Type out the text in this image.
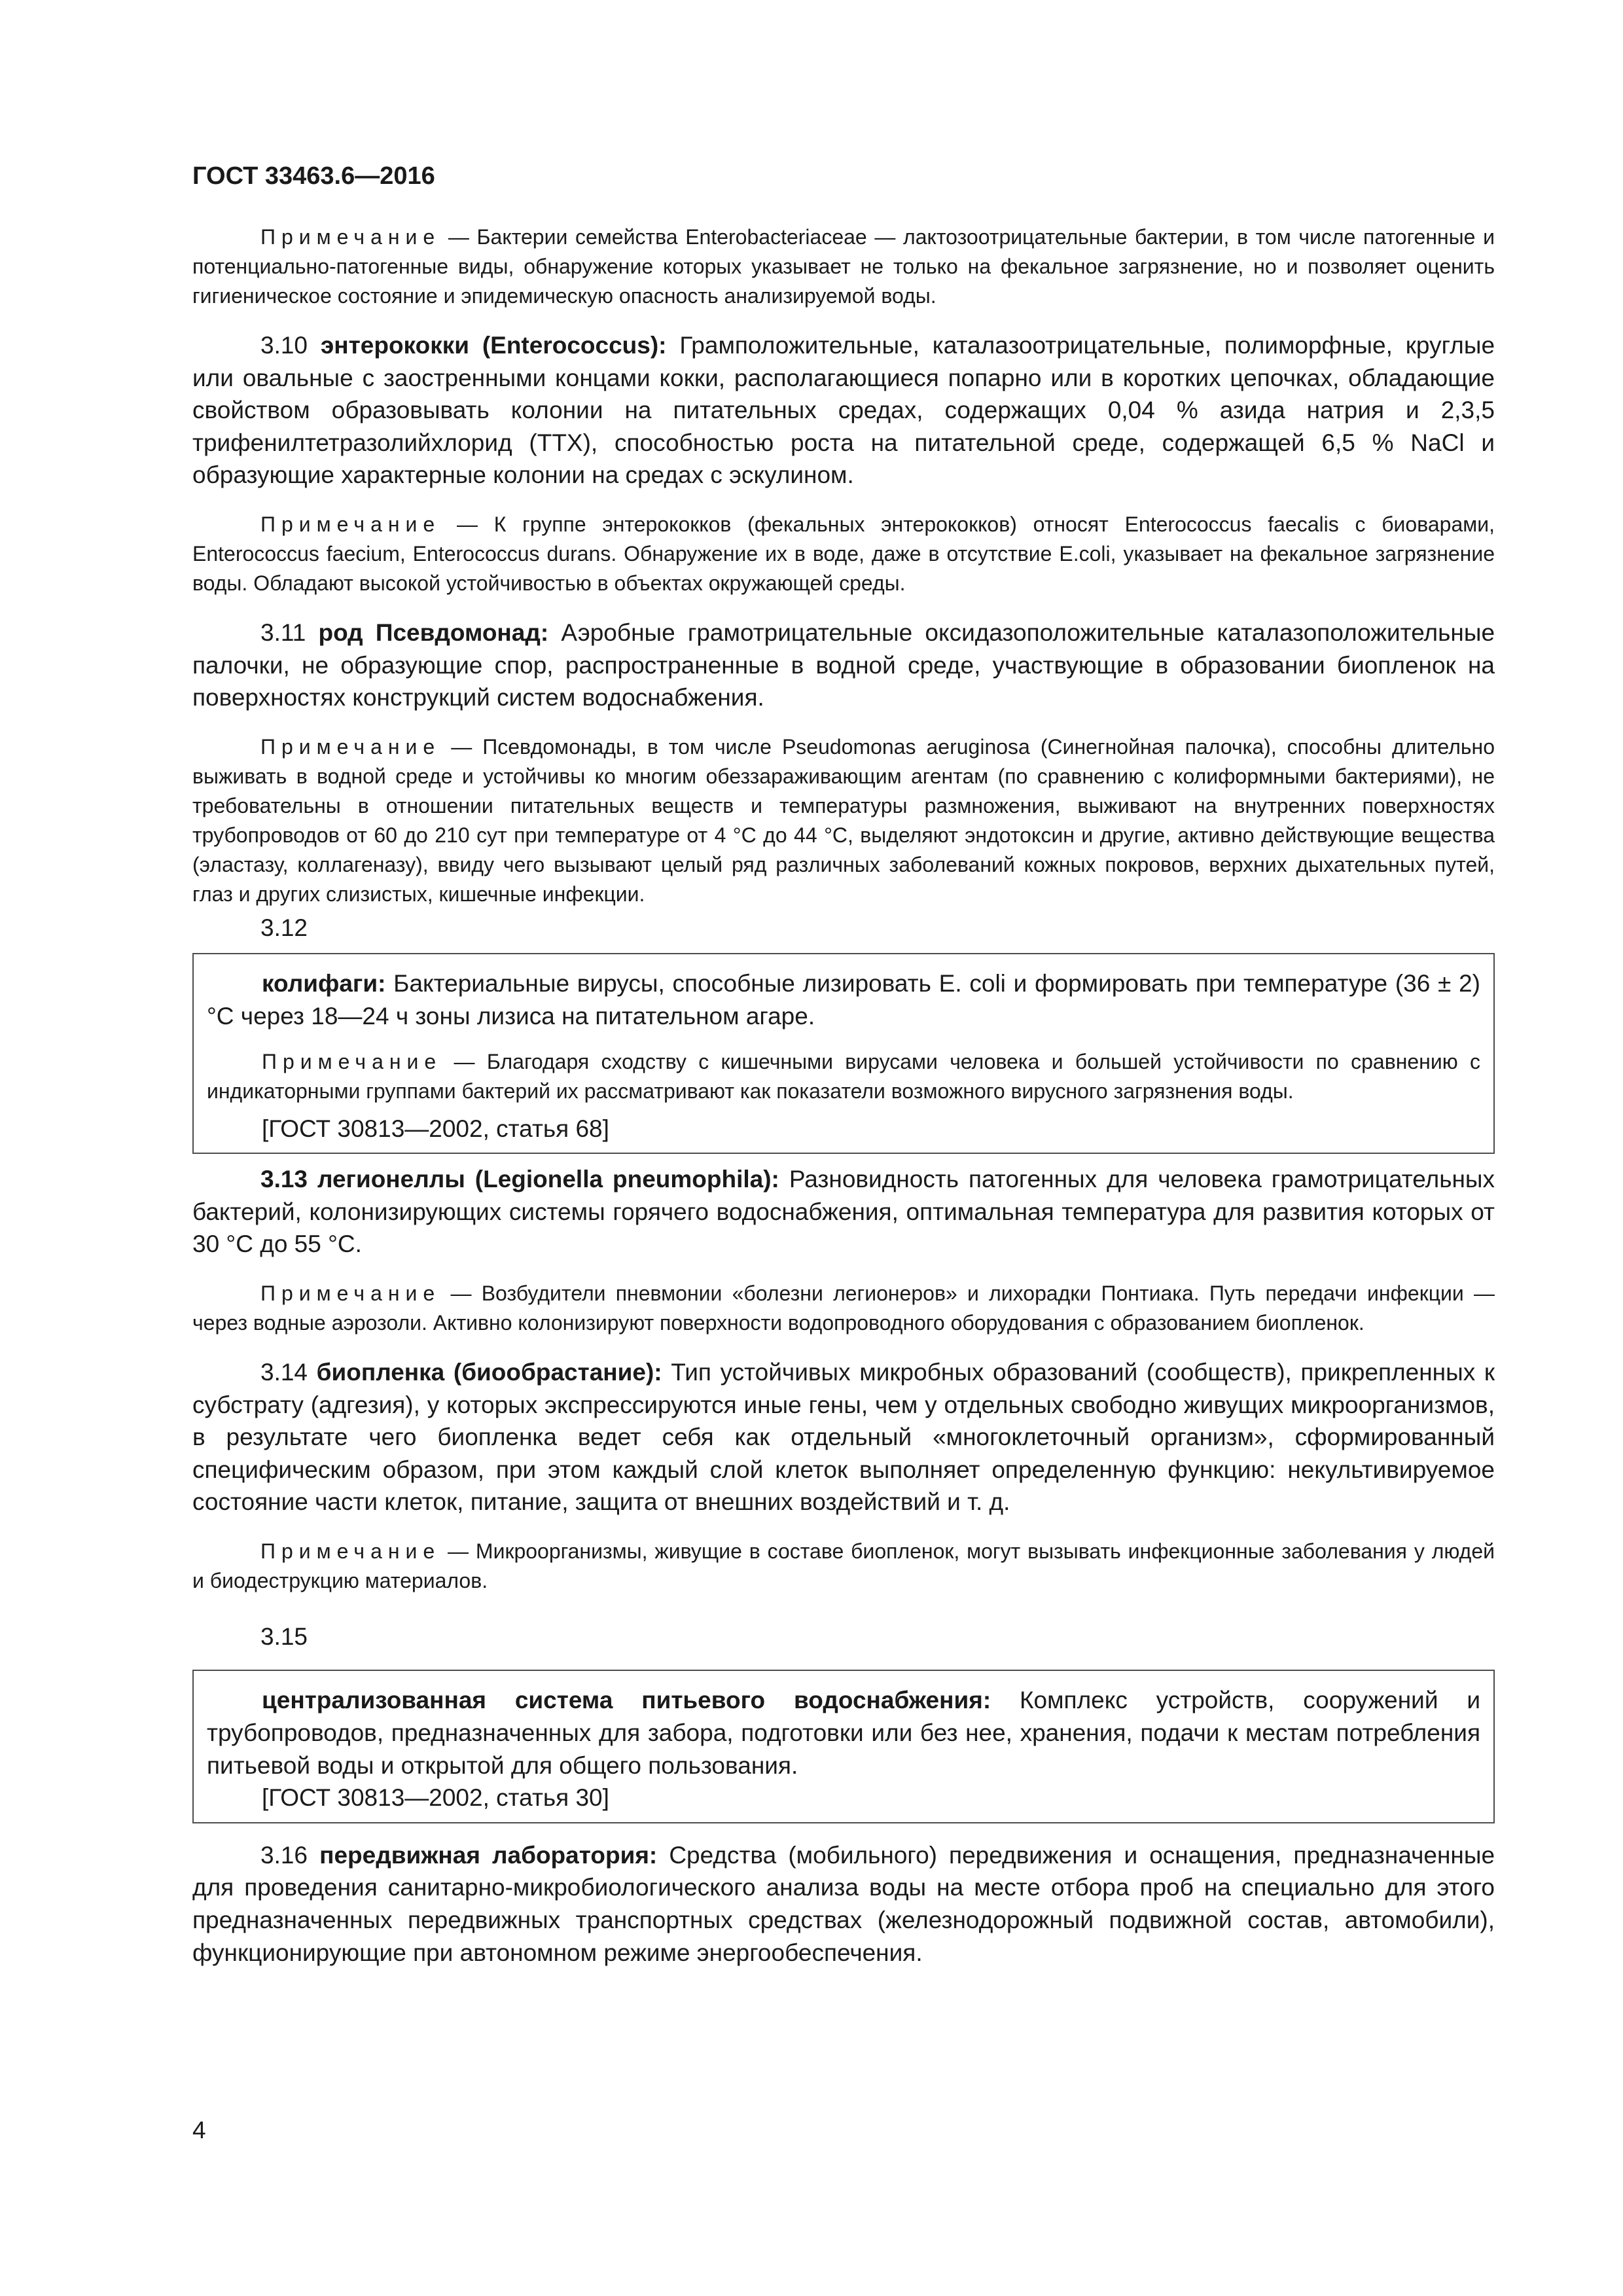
ГОСТ 33463.6—2016

Примечание — Бактерии семейства Enterobacteriaceae — лактозоотрицательные бактерии, в том числе патогенные и потенциально-патогенные виды, обнаружение которых указывает не только на фекальное загрязнение, но и позволяет оценить гигиеническое состояние и эпидемическую опасность анализируемой воды.

3.10 энтерококки (Enterococcus): Грамположительные, каталазоотрицательные, полиморфные, круглые или овальные с заостренными концами кокки, располагающиеся попарно или в коротких цепочках, обладающие свойством образовывать колонии на питательных средах, содержащих 0,04 % азида натрия и 2,3,5 трифенилтетразолийхлорид (ТТХ), способностью роста на питательной среде, содержащей 6,5 % NaCl и образующие характерные колонии на средах с эскулином.

Примечание — К группе энтерококков (фекальных энтерококков) относят Enterococcus faecalis с биоварами, Enterococcus faecium, Enterococcus durans. Обнаружение их в воде, даже в отсутствие E.coli, указывает на фекальное загрязнение воды. Обладают высокой устойчивостью в объектах окружающей среды.

3.11 род Псевдомонад: Аэробные грамотрицательные оксидазоположительные каталазоположительные палочки, не образующие спор, распространенные в водной среде, участвующие в образовании биопленок на поверхностях конструкций систем водоснабжения.

Примечание — Псевдомонады, в том числе Pseudomonas aeruginosa (Синегнойная палочка), способны длительно выживать в водной среде и устойчивы ко многим обеззараживающим агентам (по сравнению с колиформными бактериями), не требовательны в отношении питательных веществ и температуры размножения, выживают на внутренних поверхностях трубопроводов от 60 до 210 сут при температуре от 4 °С до 44 °С, выделяют эндотоксин и другие, активно действующие вещества (эластазу, коллагеназу), ввиду чего вызывают целый ряд различных заболеваний кожных покровов, верхних дыхательных путей, глаз и других слизистых, кишечные инфекции.

3.12

колифаги: Бактериальные вирусы, способные лизировать E. coli и формировать при температуре (36 ± 2) °С через 18—24 ч зоны лизиса на питательном агаре.

Примечание — Благодаря сходству с кишечными вирусами человека и большей устойчивости по сравнению с индикаторными группами бактерий их рассматривают как показатели возможного вирусного загрязнения воды.

[ГОСТ 30813—2002, статья 68]

3.13 легионеллы (Legionella pneumophila): Разновидность патогенных для человека грамотрицательных бактерий, колонизирующих системы горячего водоснабжения, оптимальная температура для развития которых от 30 °С до 55 °С.

Примечание — Возбудители пневмонии «болезни легионеров» и лихорадки Понтиака. Путь передачи инфекции — через водные аэрозоли. Активно колонизируют поверхности водопроводного оборудования с образованием биопленок.

3.14 биопленка (биообрастание): Тип устойчивых микробных образований (сообществ), прикрепленных к субстрату (адгезия), у которых экспрессируются иные гены, чем у отдельных свободно живущих микроорганизмов, в результате чего биопленка ведет себя как отдельный «многоклеточный организм», сформированный специфическим образом, при этом каждый слой клеток выполняет определенную функцию: некультивируемое состояние части клеток, питание, защита от внешних воздействий и т. д.

Примечание — Микроорганизмы, живущие в составе биопленок, могут вызывать инфекционные заболевания у людей и биодеструкцию материалов.

3.15

централизованная система питьевого водоснабжения: Комплекс устройств, сооружений и трубопроводов, предназначенных для забора, подготовки или без нее, хранения, подачи к местам потребления питьевой воды и открытой для общего пользования.

[ГОСТ 30813—2002, статья 30]

3.16 передвижная лаборатория: Средства (мобильного) передвижения и оснащения, предназначенные для проведения санитарно-микробиологического анализа воды на месте отбора проб на специально для этого предназначенных передвижных транспортных средствах (железнодорожный подвижной состав, автомобили), функционирующие при автономном режиме энергообеспечения.

4
